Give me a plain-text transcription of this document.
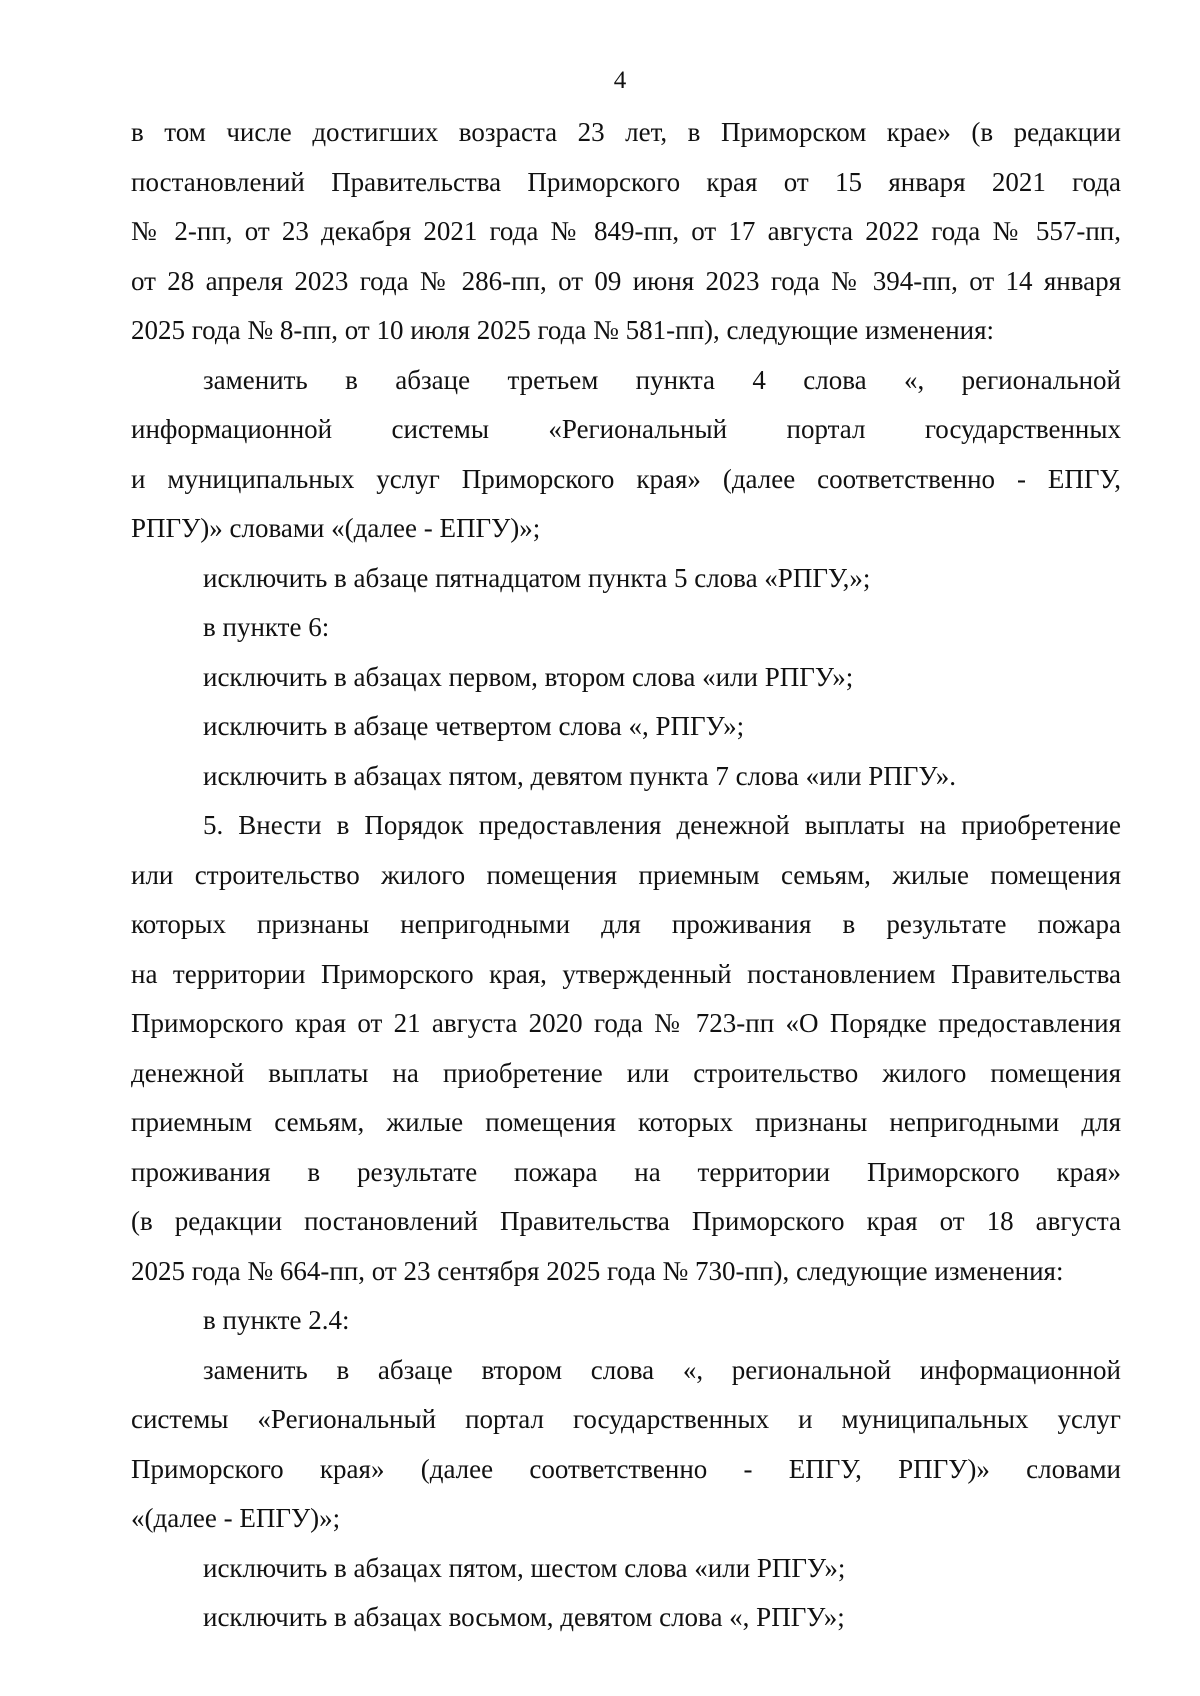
4
в том числе достигших возраста 23 лет, в Приморском крае» (в редакции
постановлений Правительства Приморского края от 15 января 2021 года
№ 2-пп, от 23 декабря 2021 года № 849-пп, от 17 августа 2022 года № 557-пп,
от 28 апреля 2023 года № 286-пп, от 09 июня 2023 года № 394-пп, от 14 января
2025 года № 8-пп, от 10 июля 2025 года № 581-пп), следующие изменения:
заменить в абзаце третьем пункта 4 слова «, региональной
информационной системы «Региональный портал государственных
и муниципальных услуг Приморского края» (далее соответственно - ЕПГУ,
РПГУ)» словами «(далее - ЕПГУ)»;
исключить в абзаце пятнадцатом пункта 5 слова «РПГУ,»;
в пункте 6:
исключить в абзацах первом, втором слова «или РПГУ»;
исключить в абзаце четвертом слова «, РПГУ»;
исключить в абзацах пятом, девятом пункта 7 слова «или РПГУ».
5. Внести в Порядок предоставления денежной выплаты на приобретение
или строительство жилого помещения приемным семьям, жилые помещения
которых признаны непригодными для проживания в результате пожара
на территории Приморского края, утвержденный постановлением Правительства
Приморского края от 21 августа 2020 года № 723-пп «О Порядке предоставления
денежной выплаты на приобретение или строительство жилого помещения
приемным семьям, жилые помещения которых признаны непригодными для
проживания в результате пожара на территории Приморского края»
(в редакции постановлений Правительства Приморского края от 18 августа
2025 года № 664-пп, от 23 сентября 2025 года № 730-пп), следующие изменения:
в пункте 2.4:
заменить в абзаце втором слова «, региональной информационной
системы «Региональный портал государственных и муниципальных услуг
Приморского края» (далее соответственно - ЕПГУ, РПГУ)» словами
«(далее - ЕПГУ)»;
исключить в абзацах пятом, шестом слова «или РПГУ»;
исключить в абзацах восьмом, девятом слова «, РПГУ»;
